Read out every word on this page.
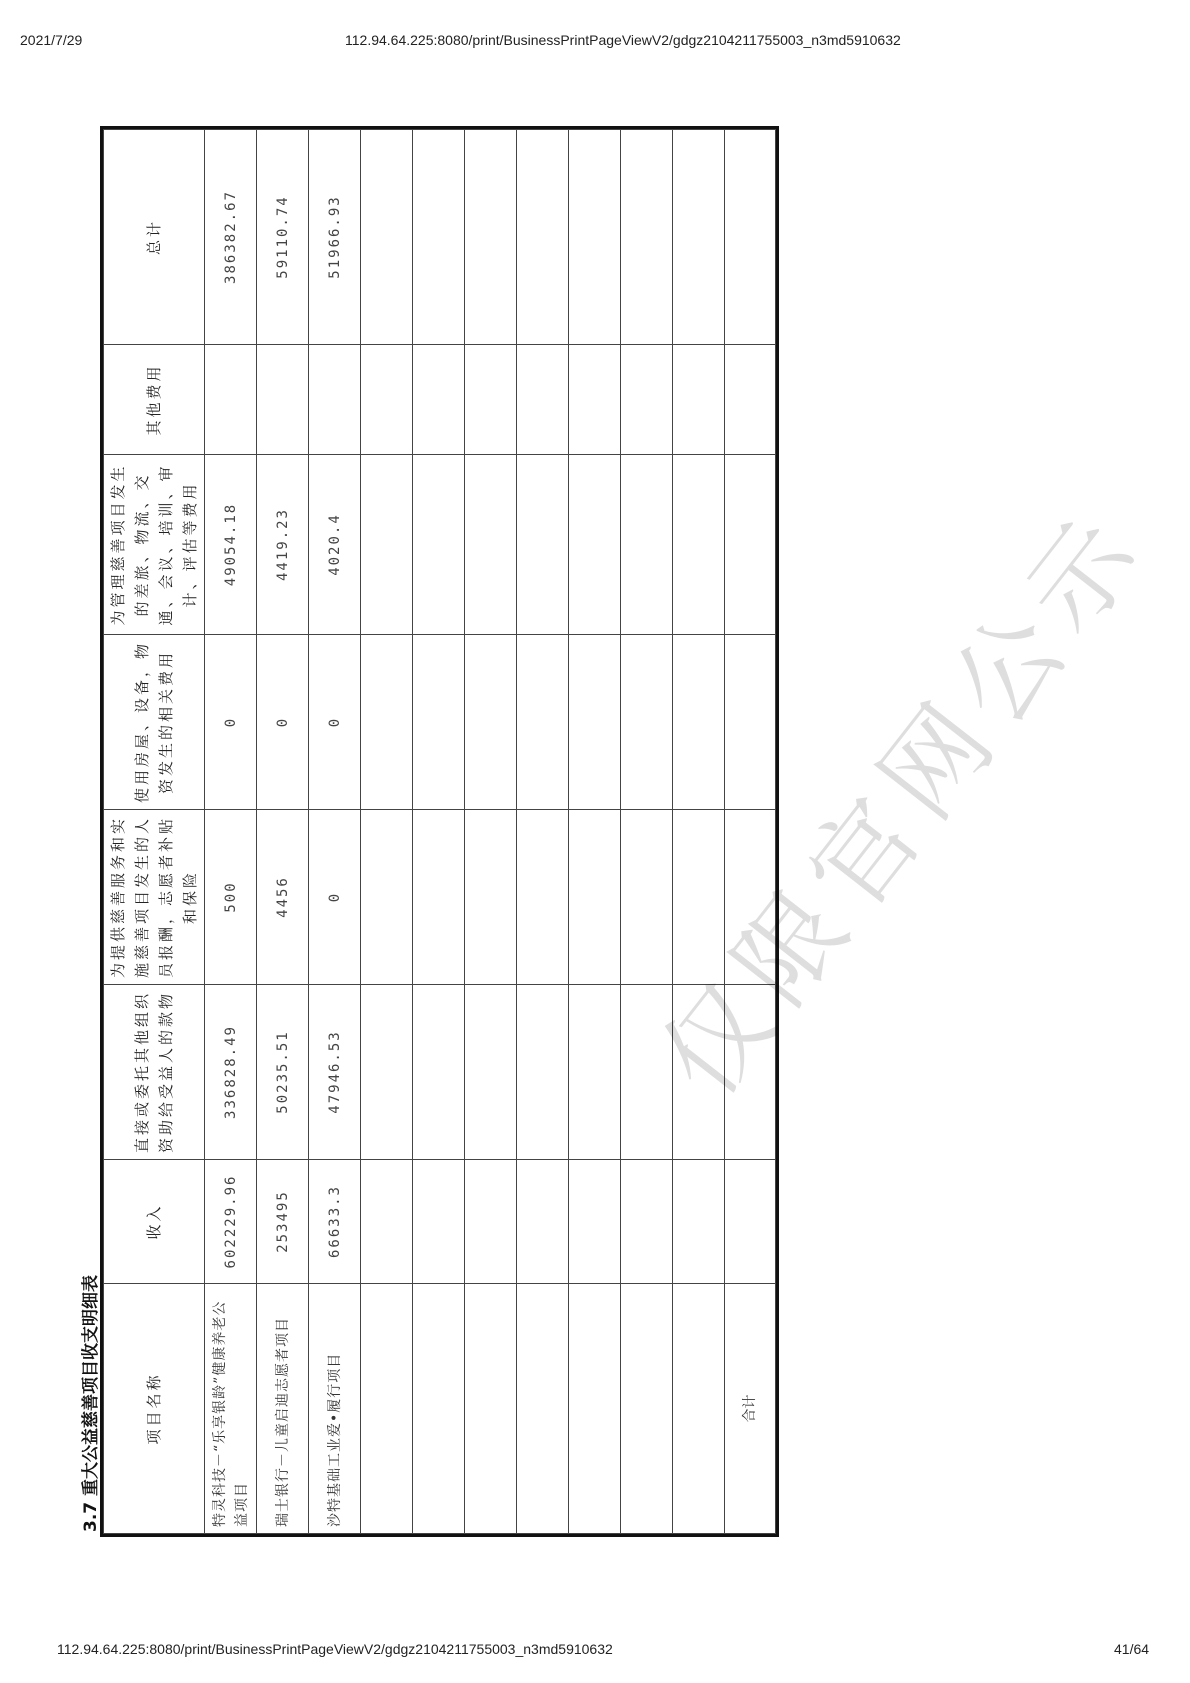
2021/7/29	112.94.64.225:8080/print/BusinessPrintPageViewV2/gdgz2104211755003_n3md5910632
3.7 重大公益慈善项目收支明细表	项目名称	收入	直接或委托其他组织资助给受益人的款物	为提供慈善服务和实施慈善项目发生的人员报酬，志愿者补贴和保险	使用房屋、设备，物资发生的相关费用	为管理慈善项目发生的差旅、物流、交通、会议、培训、审计、评估等费用	其他费用	总计
特灵科技－“乐享银龄”健康养老公益项目	602229.96	336828.49	500	0	49054.18		386382.67
瑞士银行－儿童启迪志愿者项目	253495	50235.51	4456	0	4419.23		59110.74
沙特基础工业爱•履行项目	66633.3	47946.53	0	0	4020.4		51966.93

合计							
仅限官网公示
112.94.64.225:8080/print/BusinessPrintPageViewV2/gdgz2104211755003_n3md5910632	41/64
